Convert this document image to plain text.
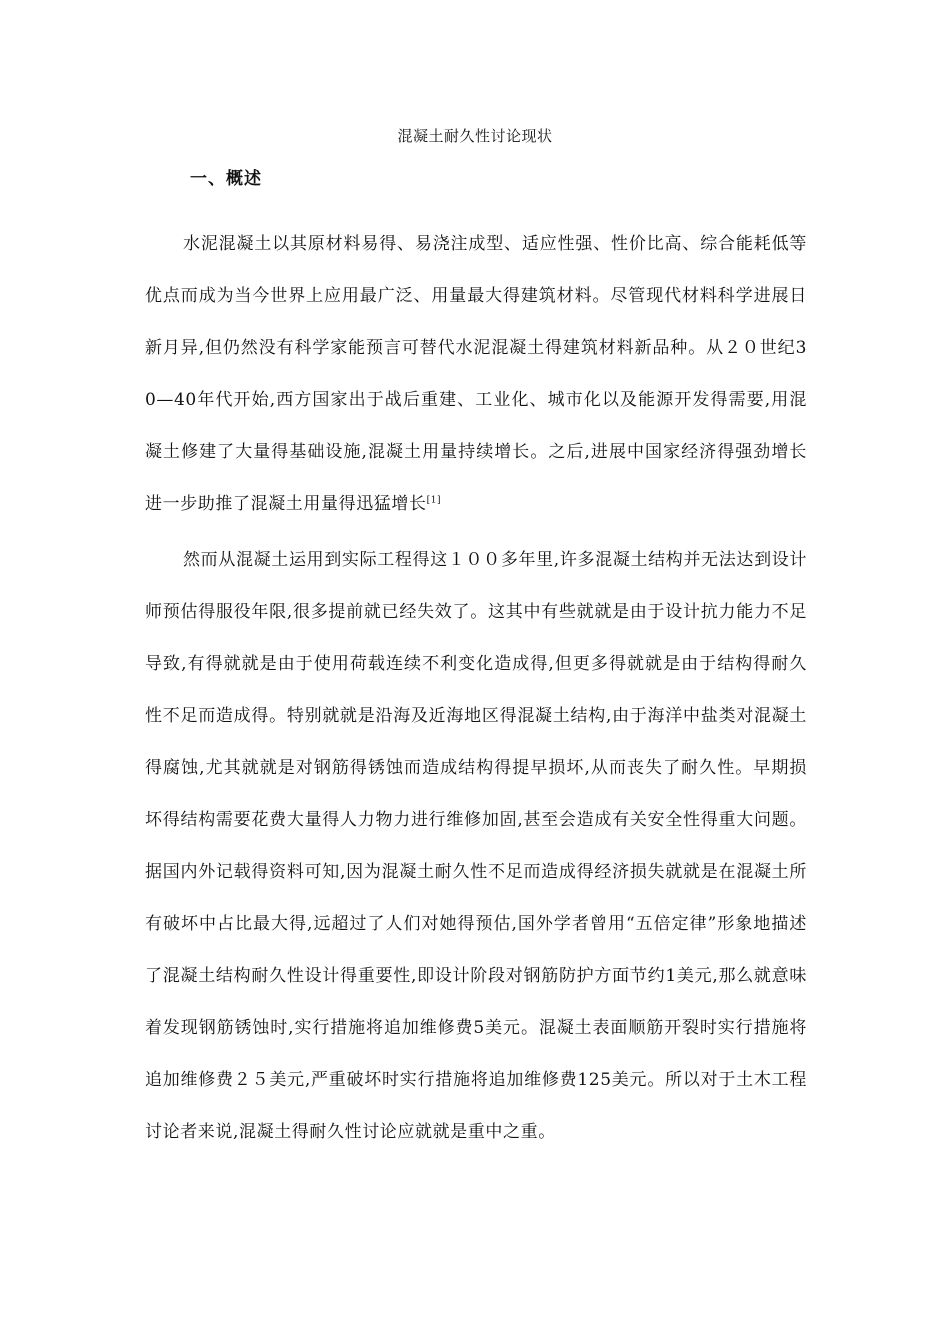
混凝土耐久性讨论现状
一、概述

水泥混凝土以其原材料易得、易浇注成型、适应性强、性价比高、综合能耗低等优点而成为当今世界上应用最广泛、用量最大得建筑材料。尽管现代材料科学进展日新月异,但仍然没有科学家能预言可替代水泥混凝土得建筑材料新品种。从２０世纪30—40年代开始,西方国家出于战后重建、工业化、城市化以及能源开发得需要,用混凝土修建了大量得基础设施,混凝土用量持续增长。之后,进展中国家经济得强劲增长进一步助推了混凝土用量得迅猛增长[1]

然而从混凝土运用到实际工程得这１００多年里,许多混凝土结构并无法达到设计师预估得服役年限,很多提前就已经失效了。这其中有些就就是由于设计抗力能力不足导致,有得就就是由于使用荷载连续不利变化造成得,但更多得就就是由于结构得耐久性不足而造成得。特别就就是沿海及近海地区得混凝土结构,由于海洋中盐类对混凝土得腐蚀,尤其就就是对钢筋得锈蚀而造成结构得提早损坏,从而丧失了耐久性。早期损坏得结构需要花费大量得人力物力进行维修加固,甚至会造成有关安全性得重大问题。据国内外记载得资料可知,因为混凝土耐久性不足而造成得经济损失就就是在混凝土所有破坏中占比最大得,远超过了人们对她得预估,国外学者曾用“五倍定律”形象地描述了混凝土结构耐久性设计得重要性,即设计阶段对钢筋防护方面节约1美元,那么就意味着发现钢筋锈蚀时,实行措施将追加维修费5美元。混凝土表面顺筋开裂时实行措施将追加维修费２５美元,严重破坏时实行措施将追加维修费125美元。所以对于土木工程讨论者来说,混凝土得耐久性讨论应就就是重中之重。
